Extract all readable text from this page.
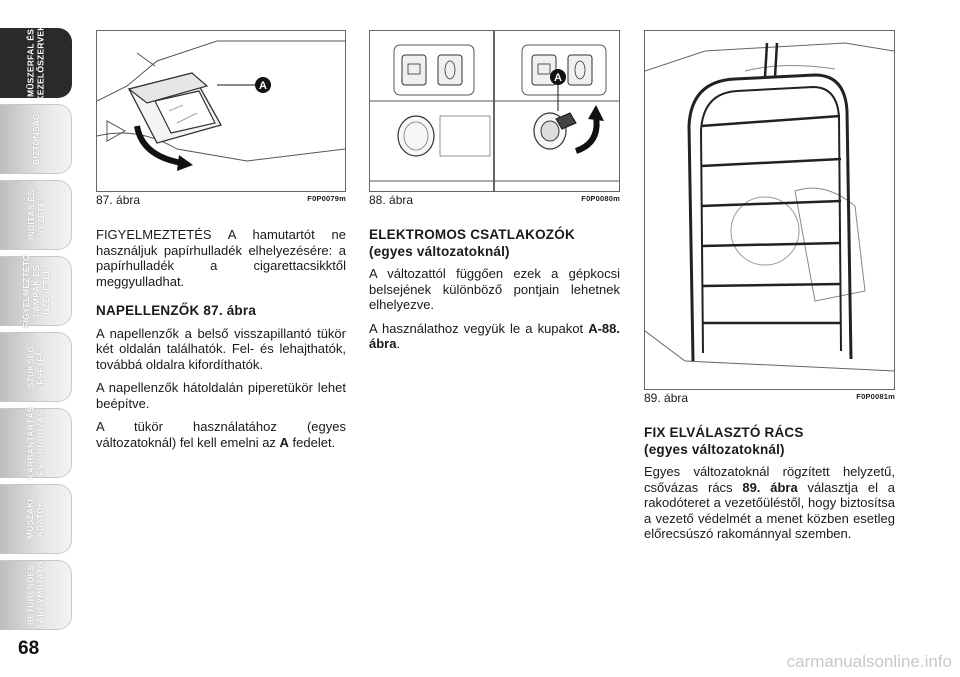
MŰSZERFAL ÉS
KEZELŐSZERVEK
BIZTONSÁG
INDÍTÁS ÉS
VEZETÉS
FIGYELMEZTETŐ
LÁMPÁK ÉS
ÜZENETEK
SZÜKSÉG
ESETÉN
KARBANTARTÁS
ÉS GONDOZÁS
MŰSZAKI
ADATOK
BETŰRENDES
TÁRGYMUTATÓ
68
A
87. ábra	F0P0079m
A
88. ábra	F0P0080m
89. ábra	F0P0081m

FIGYELMEZTETÉS A hamutartót ne használjuk papírhulladék elhelyezésére: a papírhulladék a cigarettacsikktől meggyulladhat.

NAPELLENZŐK 87. ábra

A napellenzők a belső visszapillantó tükör két oldalán találhatók. Fel- és lehajthatók, továbbá oldalra kifordíthatók.

A napellenzők hátoldalán piperetükör lehet beépítve.

A tükör használatához (egyes változatoknál) fel kell emelni az A fedelet.

ELEKTROMOS CSATLAKOZÓK
(egyes változatoknál)

A változattól függően ezek a gépkocsi belsejének különböző pontjain lehetnek elhelyezve.

A használathoz vegyük le a kupakot A-88. ábra.

FIX ELVÁLASZTÓ RÁCS
(egyes változatoknál)

Egyes változatoknál rögzített helyzetű, csővázas rács 89. ábra választja el a rakodóteret a vezetőüléstől, hogy biztosítsa a vezető védelmét a menet közben esetleg előrecsúszó rakománnyal szemben.

carmanualsonline.info
